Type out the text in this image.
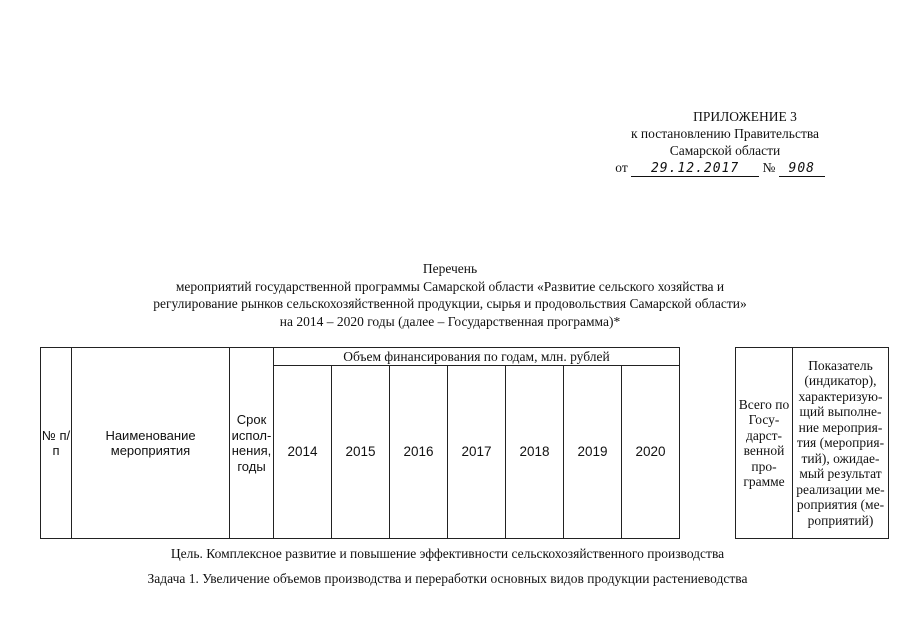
ПРИЛОЖЕНИЕ 3
к постановлению Правительства
Самарской области
от 29.12.2017 № 908
Перечень
мероприятий государственной программы Самарской области «Развитие сельского хозяйства и
регулирование рынков сельскохозяйственной продукции, сырья и продовольствия Самарской области»
на 2014 – 2020 годы (далее – Государственная программа)*
№ п/п	Наименование мероприятия	Срок испол-нения, годы	Объем финансирования по годам, млн. рублей								Всего по Госу-дарст-венной про-грамме	Показатель (индикатор), характеризую-щий выполне-ние мероприя-тия (мероприя-тий), ожидае-мый результат реализации ме-роприятия (ме-роприятий)
			2014	2015	2016	2017	2018	2019	2020			
Цель. Комплексное развитие и повышение эффективности сельскохозяйственного производства
Задача 1. Увеличение объемов производства и переработки основных видов продукции растениеводства
